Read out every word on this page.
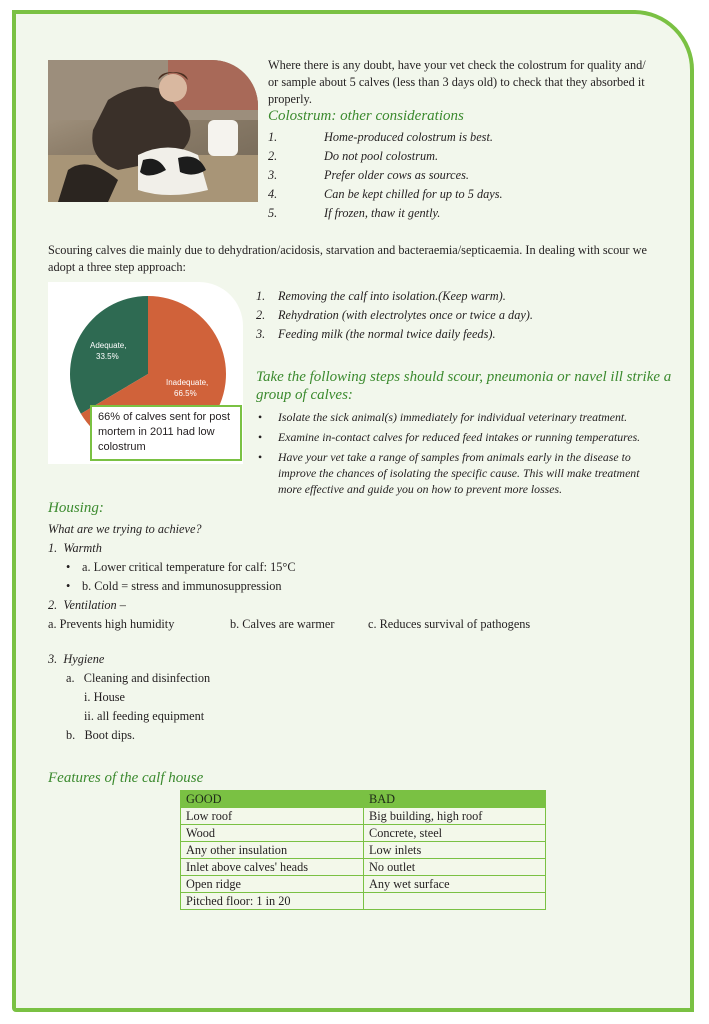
Where there is any doubt, have your vet check the colostrum for quality and/
or sample about 5 calves (less than 3 days old) to check that they absorbed it
properly.
Colostrum: other considerations
1.	Home-produced colostrum is best.
2.	Do not pool colostrum.
3.	Prefer older cows as sources.
4.	Can be kept chilled for up to 5 days.
5.	If frozen, thaw it gently.
Scouring calves die mainly due to dehydration/acidosis, starvation and bacteraemia/septicaemia. In dealing with scour we
adopt a three step approach:
Adequate,
33.5%
Inadequate,
66.5%
66% of calves sent for post
mortem in 2011 had low
colostrum
1. Removing the calf into isolation.(Keep warm).
2. Rehydration (with electrolytes once or twice a day).
3. Feeding milk (the normal twice daily feeds).
Take the following steps should scour, pneumonia or navel ill strike a
group of calves:
• Isolate the sick animal(s) immediately for individual veterinary treatment.
• Examine in-contact calves for reduced feed intakes or running temperatures.
• Have your vet take a range of samples from animals early in the disease to
improve the chances of isolating the specific cause. This will make treatment
more effective and guide you on how to prevent more losses.
Housing:
What are we trying to achieve?
1.  Warmth
• a. Lower critical temperature for calf: 15°C
• b. Cold = stress and immunosuppression
2.  Ventilation –
a. Prevents high humidity	b. Calves are warmer	c. Reduces survival of pathogens
3.  Hygiene
a.   Cleaning and disinfection
i. House
ii. all feeding equipment
b.   Boot dips.
Features of the calf house
GOOD	BAD
Low roof	Big building, high roof
Wood	Concrete, steel
Any other insulation	Low inlets
Inlet above calves' heads	No outlet
Open ridge	Any wet surface
Pitched floor: 1 in 20	
